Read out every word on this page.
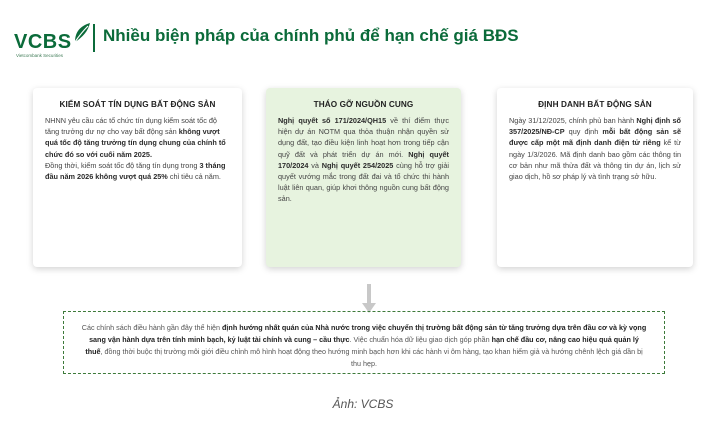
VCBS
Vietcombank Securities
Nhiều biện pháp của chính phủ để hạn chế giá BĐS
KIỂM SOÁT TÍN DỤNG BẤT ĐỘNG SẢN

NHNN yêu cầu các tổ chức tín dụng kiểm soát tốc độ tăng trưởng dư nợ cho vay bất động sản không vượt quá tốc độ tăng trưởng tín dụng chung của chính tổ chức đó so với cuối năm 2025.
Đồng thời, kiểm soát tốc độ tăng tín dụng trong 3 tháng đầu năm 2026 không vượt quá 25% chỉ tiêu cả năm.

THÁO GỠ NGUỒN CUNG

Nghị quyết số 171/2024/QH15 về thí điểm thực hiện dự án NOTM qua thỏa thuận nhận quyền sử dụng đất, tạo điều kiện linh hoạt hơn trong tiếp cận quỹ đất và phát triển dự án mới. Nghị quyết 170/2024 và Nghị quyết 254/2025 cùng hỗ trợ giải quyết vướng mắc trong đất đai và tổ chức thi hành luật liên quan, giúp khơi thông nguồn cung bất động sản.

ĐỊNH DANH BẤT ĐỘNG SẢN

Ngày 31/12/2025, chính phủ ban hành Nghị định số 357/2025/NĐ-CP quy định mỗi bất động sản sẽ được cấp một mã định danh điện tử riêng kể từ ngày 1/3/2026. Mã định danh bao gồm các thông tin cơ bản như mã thửa đất và thông tin dự án, lịch sử giao dịch, hồ sơ pháp lý và tình trạng sở hữu.

Các chính sách điều hành gần đây thể hiện định hướng nhất quán của Nhà nước trong việc chuyển thị trường bất động sản từ tăng trưởng dựa trên đầu cơ và kỳ vọng sang vận hành dựa trên tính minh bạch, kỷ luật tài chính và cung – cầu thực. Việc chuẩn hóa dữ liệu giao dịch góp phần hạn chế đầu cơ, nâng cao hiệu quả quản lý thuế, đồng thời buộc thị trường môi giới điều chỉnh mô hình hoạt động theo hướng minh bạch hơn khi các hành vi ôm hàng, tạo khan hiếm giả và hướng chênh lệch giá dần bị thu hẹp.
Ảnh: VCBS
